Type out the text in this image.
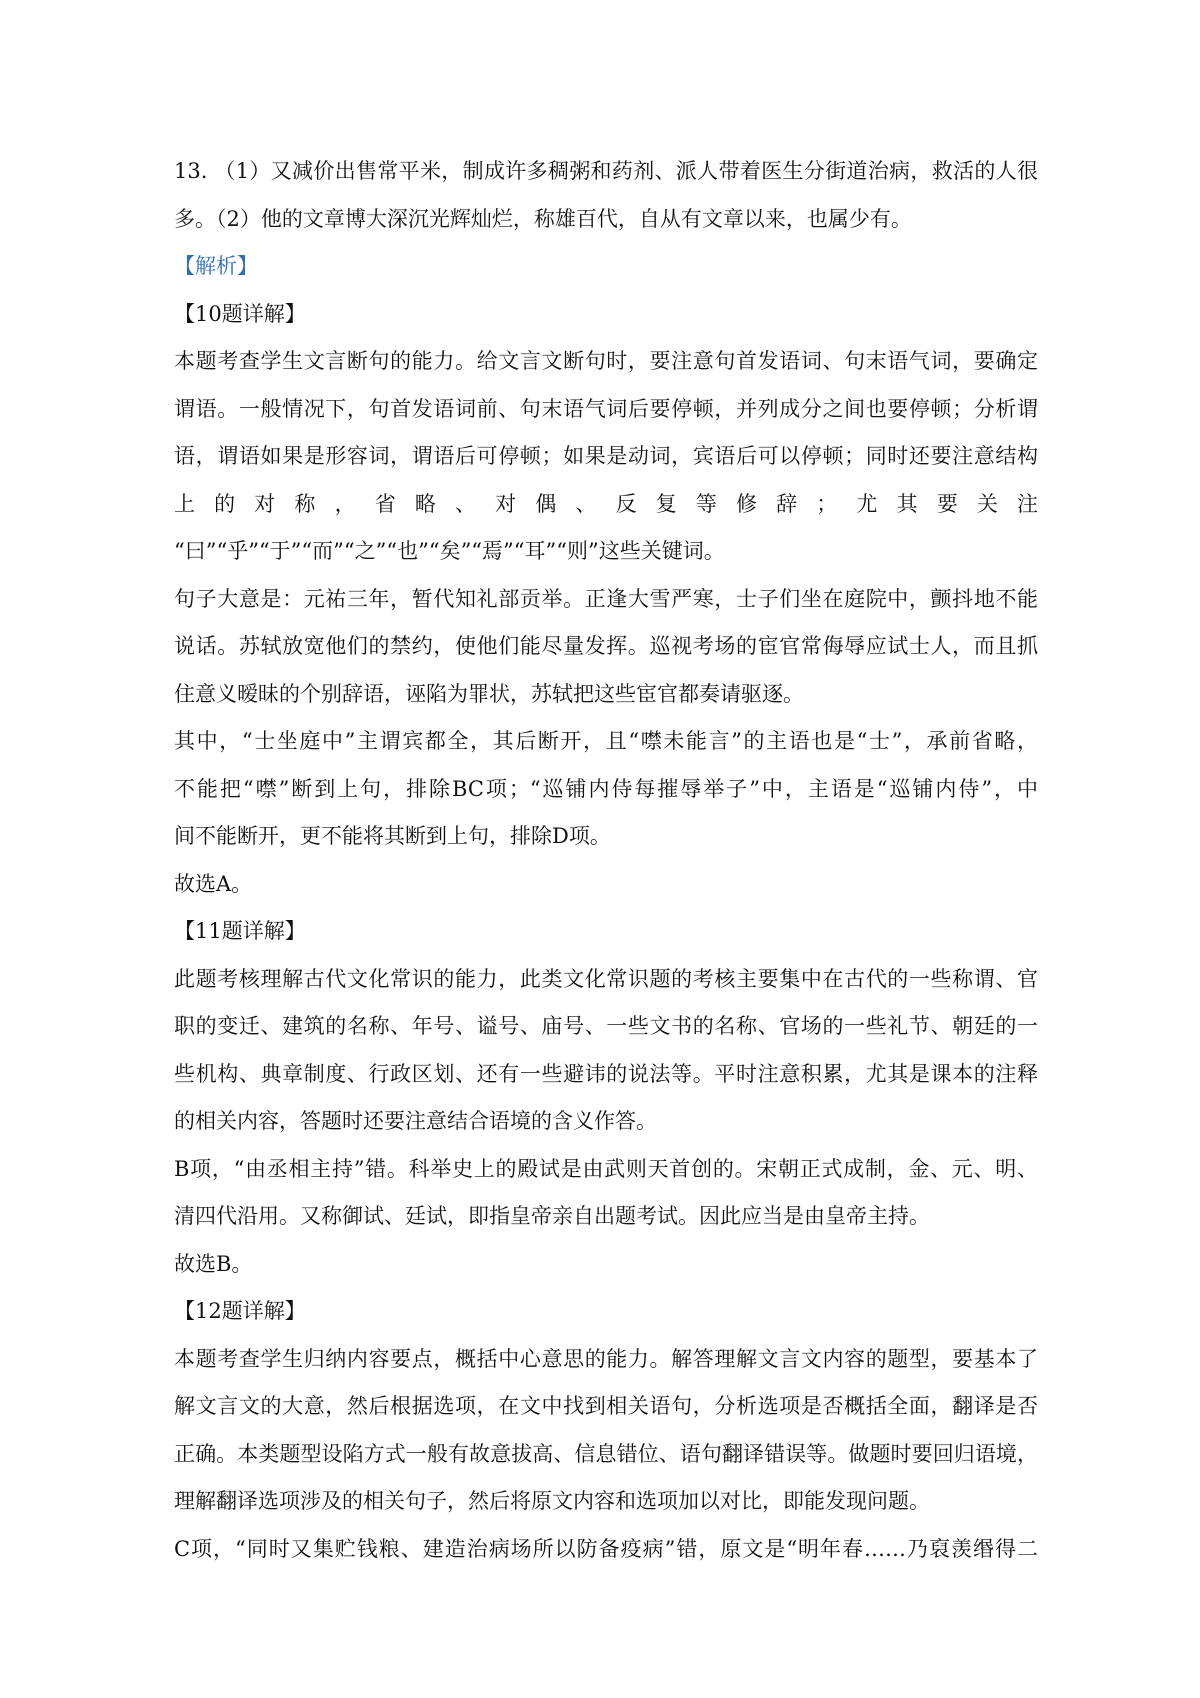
13. （1）又减价出售常平米，制成许多稠粥和药剂、派人带着医生分街道治病，救活的人很
多。（2）他的文章博大深沉光辉灿烂，称雄百代，自从有文章以来，也属少有。
【解析】
【10题详解】
本题考查学生文言断句的能力。给文言文断句时，要注意句首发语词、句末语气词，要确定
谓语。一般情况下，句首发语词前、句末语气词后要停顿，并列成分之间也要停顿；分析谓
语，谓语如果是形容词，谓语后可停顿；如果是动词，宾语后可以停顿；同时还要注意结构
上的对称，省略、对偶、反复等修辞；尤其要关注
“曰”“乎”“于”“而”“之”“也”“矣”“焉”“耳”“则”这些关键词。
句子大意是：元祐三年，暂代知礼部贡举。正逢大雪严寒，士子们坐在庭院中，颤抖地不能
说话。苏轼放宽他们的禁约，使他们能尽量发挥。巡视考场的宦官常侮辱应试士人，而且抓
住意义暧昧的个别辞语，诬陷为罪状，苏轼把这些宦官都奏请驱逐。
其中，“士坐庭中”主谓宾都全，其后断开，且“噤未能言”的主语也是“士”，承前省略，
不能把“噤”断到上句，排除BC项；“巡铺内侍每摧辱举子”中，主语是“巡铺内侍”，中
间不能断开，更不能将其断到上句，排除D项。
故选A。
【11题详解】
此题考核理解古代文化常识的能力，此类文化常识题的考核主要集中在古代的一些称谓、官
职的变迁、建筑的名称、年号、谥号、庙号、一些文书的名称、官场的一些礼节、朝廷的一
些机构、典章制度、行政区划、还有一些避讳的说法等。平时注意积累，尤其是课本的注释
的相关内容，答题时还要注意结合语境的含义作答。
B项，“由丞相主持”错。科举史上的殿试是由武则天首创的。宋朝正式成制，金、元、明、
清四代沿用。又称御试、廷试，即指皇帝亲自出题考试。因此应当是由皇帝主持。
故选B。
【12题详解】
本题考查学生归纳内容要点，概括中心意思的能力。解答理解文言文内容的题型，要基本了
解文言文的大意，然后根据选项，在文中找到相关语句，分析选项是否概括全面，翻译是否
正确。本类题型设陷方式一般有故意拔高、信息错位、语句翻译错误等。做题时要回归语境，
理解翻译选项涉及的相关句子，然后将原文内容和选项加以对比，即能发现问题。
C项，“同时又集贮钱粮、建造治病场所以防备疫病”错，原文是“明年春……乃裒羡缗得二
